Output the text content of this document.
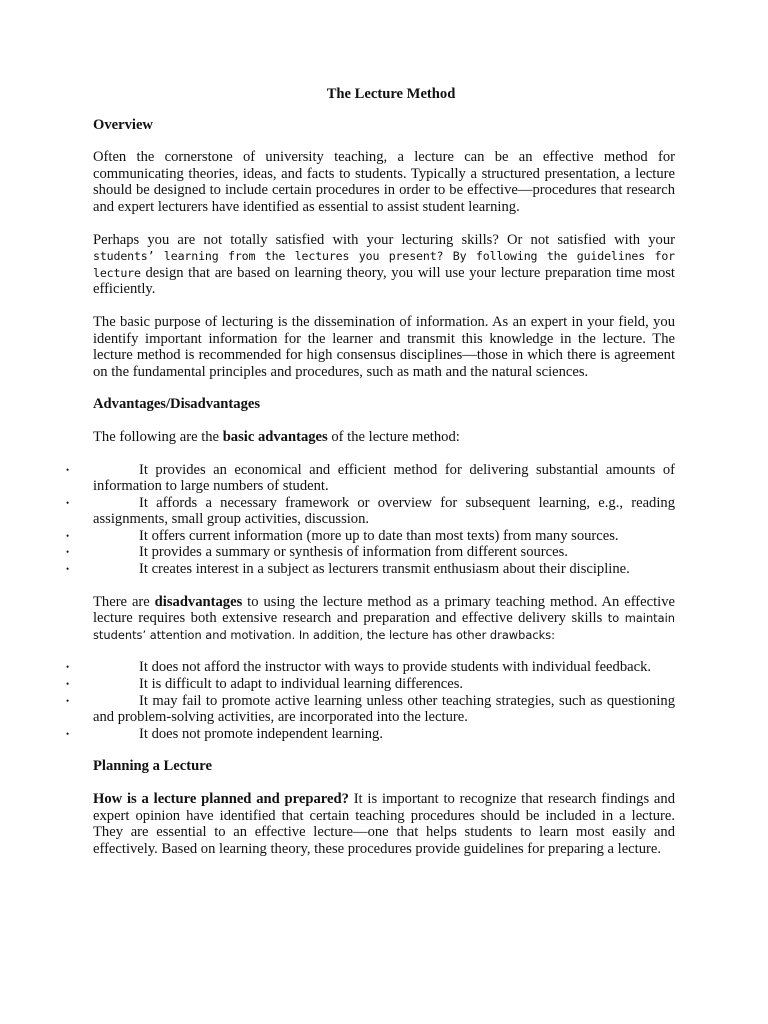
The Lecture Method
Overview

Often the cornerstone of university teaching, a lecture can be an effective method for communicating theories, ideas, and facts to students. Typically a structured presentation, a lecture should be designed to include certain procedures in order to be effective––procedures that research and expert lecturers have identified as essential to assist student learning.

Perhaps you are not totally satisfied with your lecturing skills? Or not satisfied with your students’ learning from the lectures you present? By following the guidelines for lecture design that are based on learning theory, you will use your lecture preparation time most efficiently.

The basic purpose of lecturing is the dissemination of information. As an expert in your field, you identify important information for the learner and transmit this knowledge in the lecture. The lecture method is recommended for high consensus disciplines––those in which there is agreement on the fundamental principles and procedures, such as math and the natural sciences.

Advantages/Disadvantages

The following are the basic advantages of the lecture method:

•	It provides an economical and efficient method for delivering substantial amounts of information to large numbers of student.
•	It affords a necessary framework or overview for subsequent learning, e.g., reading assignments, small group activities, discussion.
•	It offers current information (more up to date than most texts) from many sources.
•	It provides a summary or synthesis of information from different sources.
•	It creates interest in a subject as lecturers transmit enthusiasm about their discipline.

There are disadvantages to using the lecture method as a primary teaching method. An effective lecture requires both extensive research and preparation and effective delivery skills to maintain students’ attention and motivation. In addition, the lecture has other drawbacks:

•	It does not afford the instructor with ways to provide students with individual feedback.
•	It is difficult to adapt to individual learning differences.
•	It may fail to promote active learning unless other teaching strategies, such as questioning and problem-solving activities, are incorporated into the lecture.
•	It does not promote independent learning.
Planning a Lecture

How is a lecture planned and prepared? It is important to recognize that research findings and expert opinion have identified that certain teaching procedures should be included in a lecture. They are essential to an effective lecture––one that helps students to learn most easily and effectively. Based on learning theory, these procedures provide guidelines for preparing a lecture.
